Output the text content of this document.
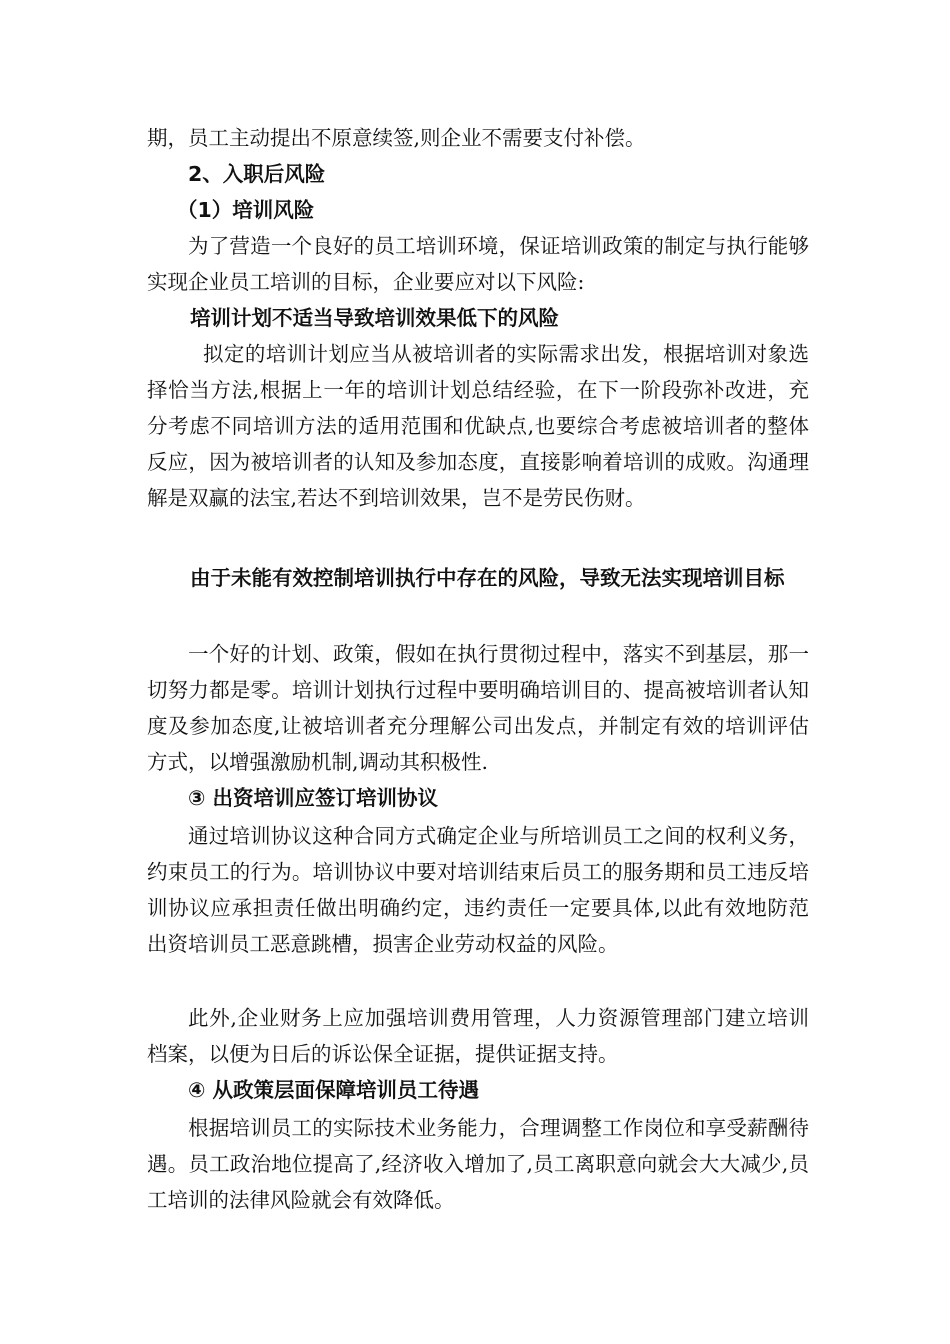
期，员工主动提出不原意续签,则企业不需要支付补偿。

2、入职后风险

（1）培训风险

为了营造一个良好的员工培训环境，保证培训政策的制定与执行能够实现企业员工培训的目标，企业要应对以下风险:

培训计划不适当导致培训效果低下的风险

拟定的培训计划应当从被培训者的实际需求出发，根据培训对象选择恰当方法,根据上一年的培训计划总结经验，在下一阶段弥补改进，充分考虑不同培训方法的适用范围和优缺点,也要综合考虑被培训者的整体反应，因为被培训者的认知及参加态度，直接影响着培训的成败。沟通理解是双赢的法宝,若达不到培训效果，岂不是劳民伤财。

由于未能有效控制培训执行中存在的风险，导致无法实现培训目标

一个好的计划、政策，假如在执行贯彻过程中，落实不到基层，那一切努力都是零。培训计划执行过程中要明确培训目的、提高被培训者认知度及参加态度,让被培训者充分理解公司出发点，并制定有效的培训评估方式，以增强激励机制,调动其积极性.

③ 出资培训应签订培训协议

通过培训协议这种合同方式确定企业与所培训员工之间的权利义务，约束员工的行为。培训协议中要对培训结束后员工的服务期和员工违反培训协议应承担责任做出明确约定，违约责任一定要具体,以此有效地防范出资培训员工恶意跳槽，损害企业劳动权益的风险。

此外,企业财务上应加强培训费用管理，人力资源管理部门建立培训档案，以便为日后的诉讼保全证据，提供证据支持。

④ 从政策层面保障培训员工待遇

根据培训员工的实际技术业务能力，合理调整工作岗位和享受薪酬待遇。员工政治地位提高了,经济收入增加了,员工离职意向就会大大减少,员工培训的法律风险就会有效降低。
